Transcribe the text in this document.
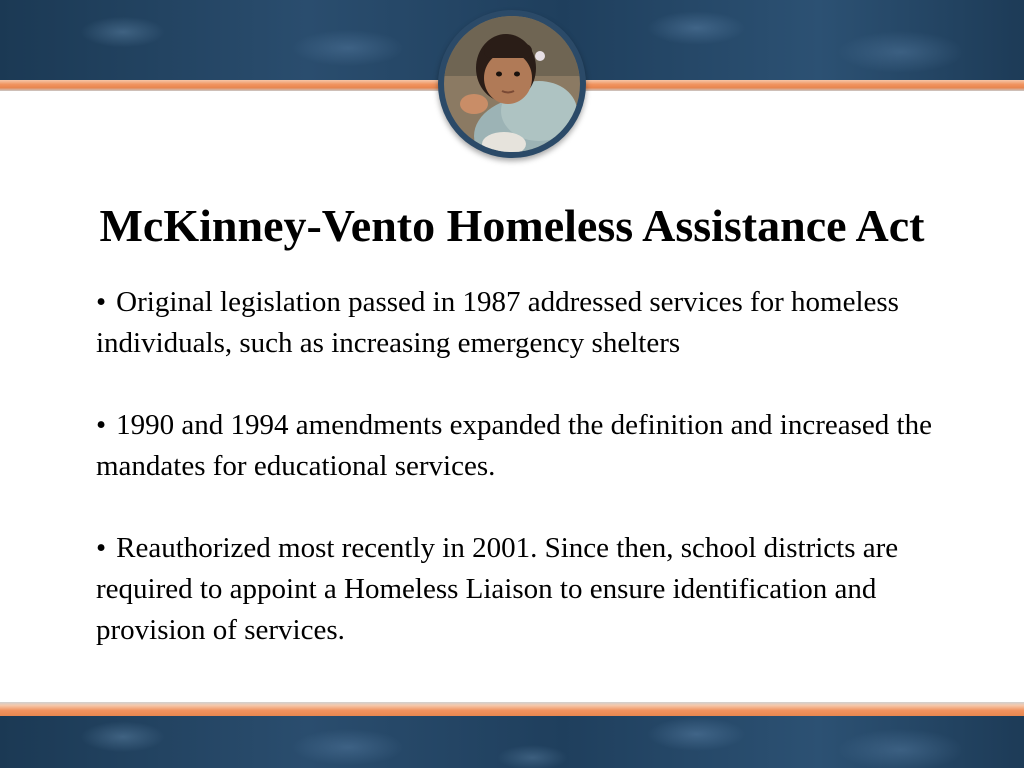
McKinney-Vento Homeless Assistance Act
• Original legislation passed in 1987 addressed services for homeless individuals, such as increasing emergency shelters
• 1990 and 1994 amendments expanded the definition and increased the mandates for educational services.
• Reauthorized most recently in 2001. Since then, school districts are required to appoint a Homeless Liaison to ensure identification and provision of services.
